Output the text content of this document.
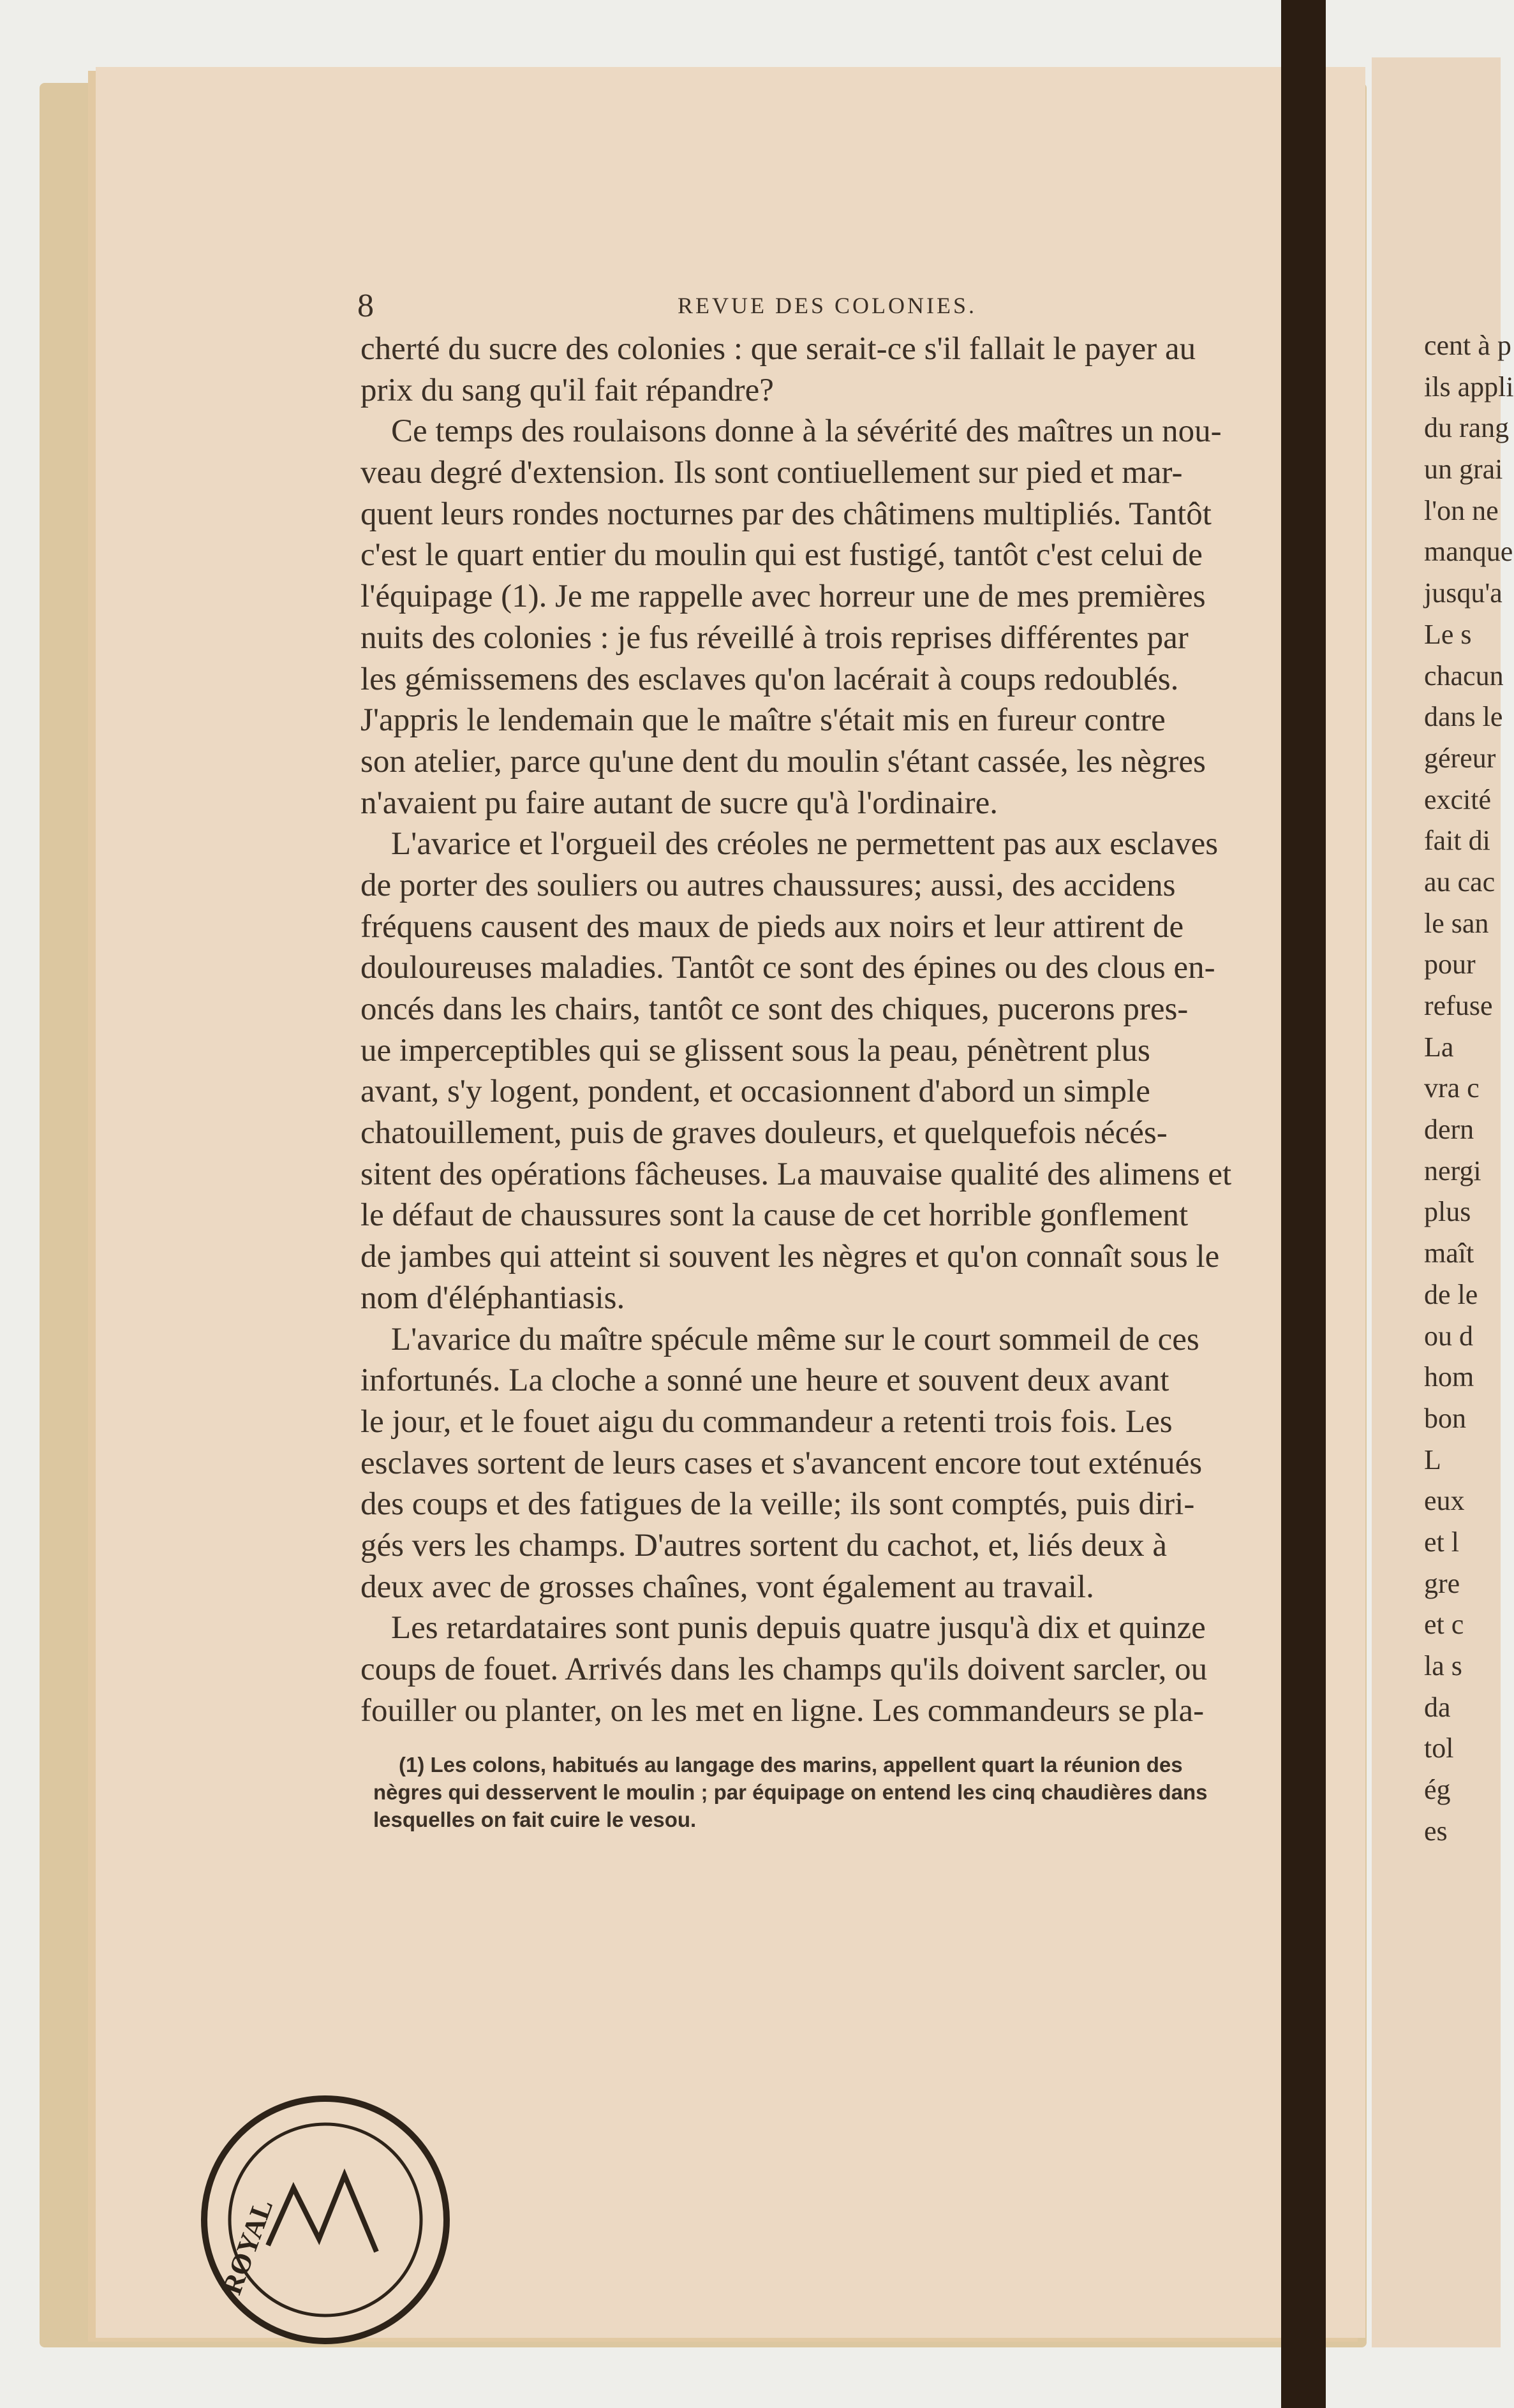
8	REVUE DES COLONIES.
cherté du sucre des colonies : que serait-ce s'il fallait le payer au
prix du sang qu'il fait répandre?
Ce temps des roulaisons donne à la sévérité des maîtres un nou-
veau degré d'extension. Ils sont contiuellement sur pied et mar-
quent leurs rondes nocturnes par des châtimens multipliés. Tantôt
c'est le quart entier du moulin qui est fustigé, tantôt c'est celui de
l'équipage (1). Je me rappelle avec horreur une de mes premières
nuits des colonies : je fus réveillé à trois reprises différentes par
les gémissemens des esclaves qu'on lacérait à coups redoublés.
J'appris le lendemain que le maître s'était mis en fureur contre
son atelier, parce qu'une dent du moulin s'étant cassée, les nègres
n'avaient pu faire autant de sucre qu'à l'ordinaire.
L'avarice et l'orgueil des créoles ne permettent pas aux esclaves
de porter des souliers ou autres chaussures; aussi, des accidens
fréquens causent des maux de pieds aux noirs et leur attirent de
douloureuses maladies. Tantôt ce sont des épines ou des clous en-
oncés dans les chairs, tantôt ce sont des chiques, pucerons pres-
ue imperceptibles qui se glissent sous la peau, pénètrent plus
avant, s'y logent, pondent, et occasionnent d'abord un simple
chatouillement, puis de graves douleurs, et quelquefois nécés-
sitent des opérations fâcheuses. La mauvaise qualité des alimens et
le défaut de chaussures sont la cause de cet horrible gonflement
de jambes qui atteint si souvent les nègres et qu'on connaît sous le
nom d'éléphantiasis.
L'avarice du maître spécule même sur le court sommeil de ces
infortunés. La cloche a sonné une heure et souvent deux avant
le jour, et le fouet aigu du commandeur a retenti trois fois. Les
esclaves sortent de leurs cases et s'avancent encore tout exténués
des coups et des fatigues de la veille; ils sont comptés, puis diri-
gés vers les champs. D'autres sortent du cachot, et, liés deux à
deux avec de grosses chaînes, vont également au travail.
Les retardataires sont punis depuis quatre jusqu'à dix et quinze
coups de fouet. Arrivés dans les champs qu'ils doivent sarcler, ou
fouiller ou planter, on les met en ligne. Les commandeurs se pla-
(1) Les colons, habitués au langage des marins, appellent quart la réunion des
nègres qui desservent le moulin ; par équipage on entend les cinq chaudières dans
lesquelles on fait cuire le vesou.
cent à p
ils appli
du rang
un grai
l'on ne
manque
jusqu'a
Le s
chacun
dans le
géreur
excité
fait di
au cac
le san
pour
refuse
La
vra c
dern
nergi
plus
maît
de le
ou d
hom
bon
L
eux
et l
gre
et c
la s
da
tol
ég
es
ROYAL
